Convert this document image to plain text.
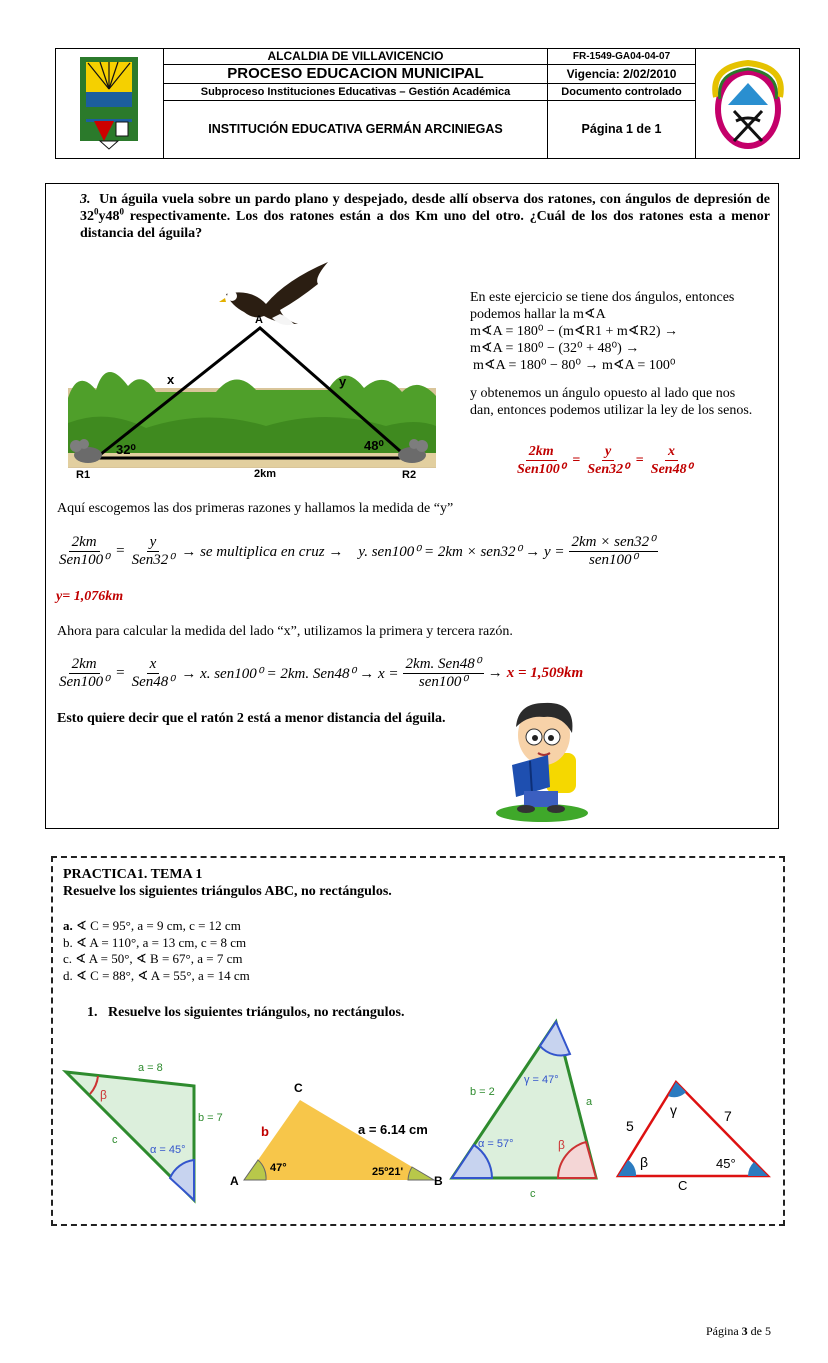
ALCALDIA DE VILLAVICENCIO
PROCESO EDUCACION MUNICIPAL
Subproceso Instituciones Educativas – Gestión Académica
INSTITUCIÓN EDUCATIVA GERMÁN ARCINIEGAS
FR-1549-GA04-04-07
Vigencia: 2/02/2010
Documento controlado
Página 1 de 1
3. Un águila vuela sobre un pardo plano y despejado, desde allí observa dos ratones, con ángulos de depresión de $32^0y48^0$ respectivamente. Los dos ratones están a dos Km uno del otro. ¿Cuál de los dos ratones esta a menor distancia del águila?
A
x	y
32⁰	48⁰
R1	2km	R2
En este ejercicio se tiene dos ángulos, entonces podemos hallar la m∢A
m∢A = 180⁰ − (m∢R1 + m∢R2) →
m∢A = 180⁰ − (32⁰ + 48⁰) →
m∢A = 180⁰ − 80⁰ → m∢A = 100⁰
y obtenemos un ángulo opuesto al lado que nos dan, entonces podemos utilizar la ley de los senos.
$\frac{2km}{\text{Sen100⁰}} = \frac{y}{\text{Sen32⁰}} = \frac{x}{\text{Sen48⁰}}$
Aquí escogemos las dos primeras razones y hallamos la medida de “y”
$\frac{2km}{\text{Sen100⁰}} = \frac{y}{\text{Sen32⁰}}$ → se multiplica en cruz →    y. $sen100^0 = 2km \times sen32^0 \to y = \frac{\text{2km × sen32⁰}}{\text{sen100⁰}}$
y= 1,076km
Ahora para calcular la medida del lado “x”, utilizamos la primera y tercera razón.
$\frac{2km}{\text{Sen100⁰}} = \frac{x}{\text{Sen48⁰}} \to x$. sen100⁰ = 2km. $Sen48^0 \to x = \frac{\text{2km. Sen48⁰}}{\text{sen100⁰}} \to x = 1,509km$
Esto quiere decir que el ratón 2 está a menor distancia del águila.
PRACTICA1. TEMA 1
Resuelve los siguientes triángulos ABC, no rectángulos.
a. ∢ C = 95°, a = 9 cm, c = 12 cm
b. ∢ A = 110°, a = 13 cm, c = 8 cm
c. ∢ A = 50°, ∢ B = 67°, a = 7 cm
d. ∢ C = 88°, ∢ A = 55°, a = 14 cm
1. Resuelve los siguientes triángulos, no rectángulos.
a = 8
b = 7
c
β
α = 45°
C
b	a = 6.14 cm
A
47°	25º21'
B
b = 2
γ = 47°
a
α = 57°	β
c
5
γ	7
β	45°
C
Página 3 de 5
